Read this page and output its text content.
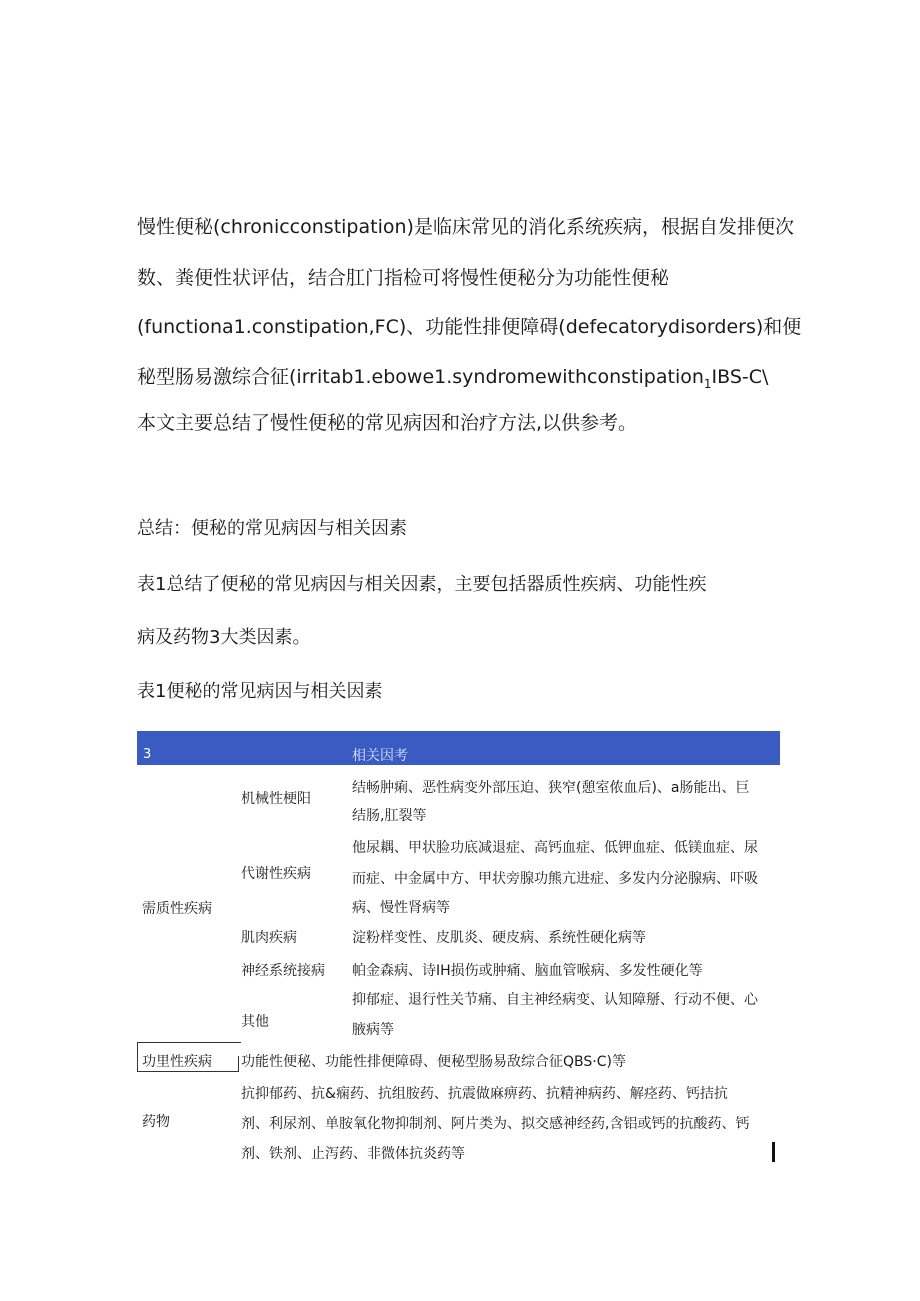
慢性便秘(chronicconstipation)是临床常见的消化系统疾病，根据自发排便次

数、粪便性状评估，结合肛门指检可将慢性便秘分为功能性便秘

(functiona1.constipation,FC)、功能性排便障碍(defecatorydisorders)和便

秘型肠易激综合征(irritab1.ebowe1.syndromewithconstipation$_1$IBS-C\

本文主要总结了慢性便秘的常见病因和治疗方法,以供参考。

总结：便秘的常见病因与相关因素

表1总结了便秘的常见病因与相关因素，主要包括器质性疾病、功能性疾

病及药物3大类因素。

表1便秘的常见病因与相关因素

3	相关因考
需质性疾病
机械性梗阳
结畅肿痢、恶性病变外部压迫、狭窄(憩室侬血后)、a肠能出、巨
结肠,肛裂等
代谢性疾病
他尿耦、甲状脸功底减退症、高钙血症、低钾血症、低镁血症、尿
而症、中金属中方、甲状旁腺功熊亢进症、多发内分泌腺病、吓吸
病、慢性肾病等
肌肉疾病	淀粉样变性、皮肌炎、硬皮病、系统性硬化病等
神经系统接病 帕金森病、诗IH损伤或肿痛、脑血管喉病、多发性硬化等
其他
抑郁症、退行性关节痛、自主神经病变、认知障掰、行动不便、心
腋病等
功里性疾病 功能性便秘、功能性排便障碍、便秘型肠易敌综合征QBS·C)等
药物
抗抑郁药、抗&痫药、抗组胺药、抗震做麻痹药、抗精神病药、解痉药、钙拮抗
剂、利尿剂、单胺氧化物抑制剂、阿片类为、拟交感神经药,含铝或钙的抗酸药、钙
剂、铁剂、止泻药、非微体抗炎药等
